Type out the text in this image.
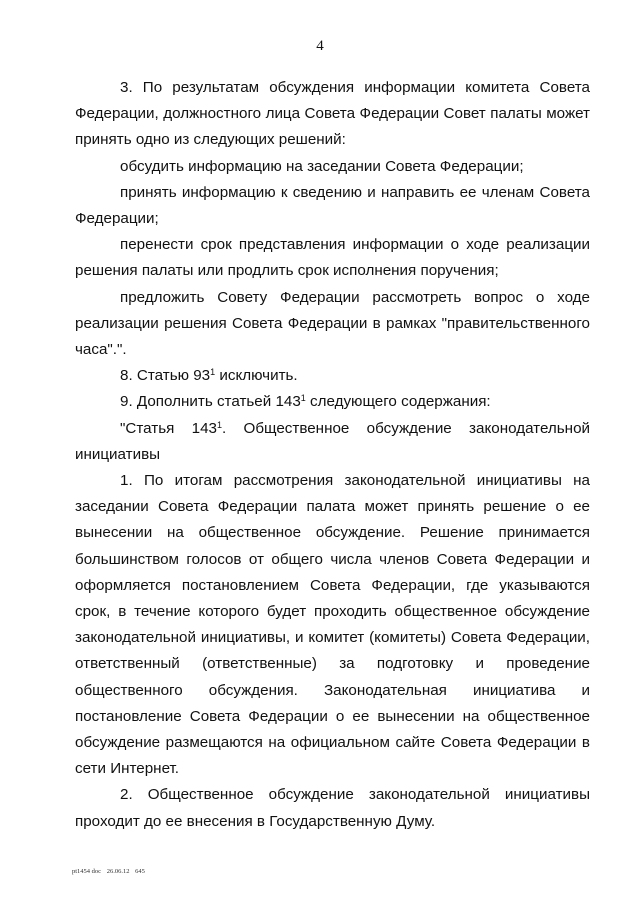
4

3. По результатам обсуждения информации комитета Совета Федерации, должностного лица Совета Федерации Совет палаты может принять одно из следующих решений:

обсудить информацию на заседании Совета Федерации;

принять информацию к сведению и направить ее членам Совета Федерации;

перенести срок представления информации о ходе реализации решения палаты или продлить срок исполнения поручения;

предложить Совету Федерации рассмотреть вопрос о ходе реализации решения Совета Федерации в рамках "правительственного часа".".

8. Статью $93^1$ исключить.

9. Дополнить статьей $143^1$ следующего содержания:

"Статья $143^1$. Общественное обсуждение законодательной инициативы

1. По итогам рассмотрения законодательной инициативы на заседании Совета Федерации палата может принять решение о ее вынесении на общественное обсуждение. Решение принимается большинством голосов от общего числа членов Совета Федерации и оформляется постановлением Совета Федерации, где указываются срок, в течение которого будет проходить общественное обсуждение законодательной инициативы, и комитет (комитеты) Совета Федерации, ответственный (ответственные) за подготовку и проведение общественного обсуждения. Законодательная инициатива и постановление Совета Федерации о ее вынесении на общественное обсуждение размещаются на официальном сайте Совета Федерации в сети Интернет.

2. Общественное обсуждение законодательной инициативы проходит до ее внесения в Государственную Думу.

pt1454 doc 26.06.12 645
